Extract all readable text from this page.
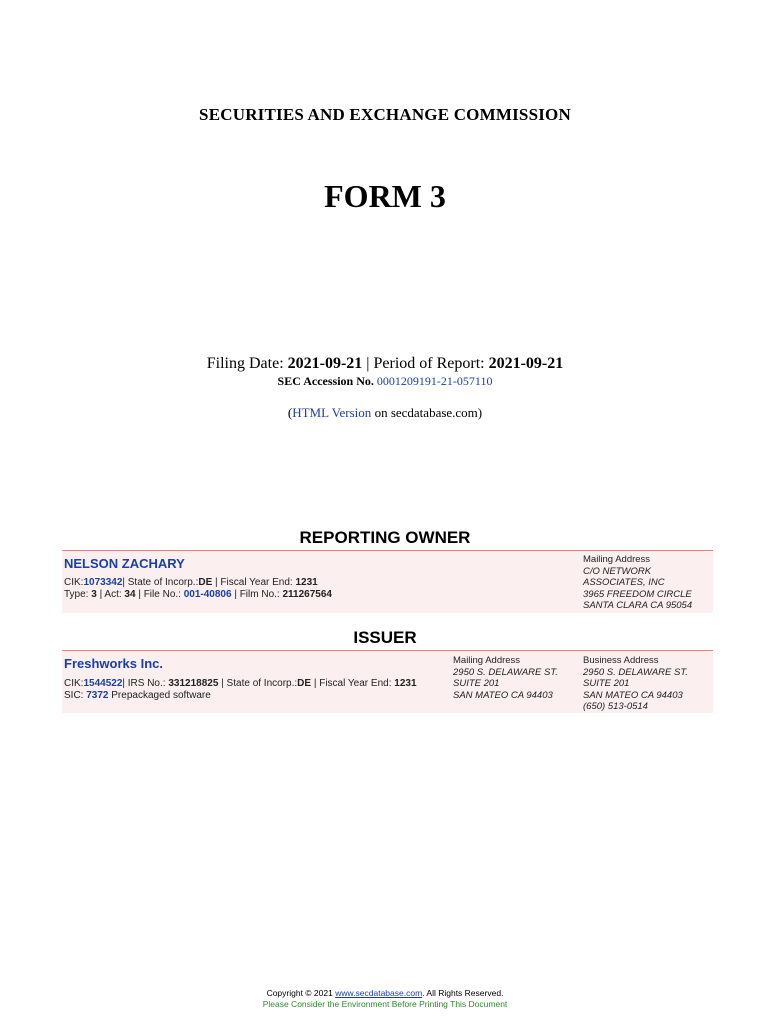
SECURITIES AND EXCHANGE COMMISSION
FORM 3
Filing Date: 2021-09-21 | Period of Report: 2021-09-21
SEC Accession No. 0001209191-21-057110
(HTML Version on secdatabase.com)
REPORTING OWNER
NELSON ZACHARY
CIK:1073342| State of Incorp.:DE | Fiscal Year End: 1231
Type: 3 | Act: 34 | File No.: 001-40806 | Film No.: 211267564
Mailing Address
C/O NETWORK
ASSOCIATES, INC
3965 FREEDOM CIRCLE
SANTA CLARA CA 95054
ISSUER
Freshworks Inc.
CIK:1544522| IRS No.: 331218825 | State of Incorp.:DE | Fiscal Year End: 1231
SIC: 7372 Prepackaged software
Mailing Address
2950 S. DELAWARE ST.
SUITE 201
SAN MATEO CA 94403
Business Address
2950 S. DELAWARE ST.
SUITE 201
SAN MATEO CA 94403
(650) 513-0514
Copyright © 2021 www.secdatabase.com. All Rights Reserved.
Please Consider the Environment Before Printing This Document
